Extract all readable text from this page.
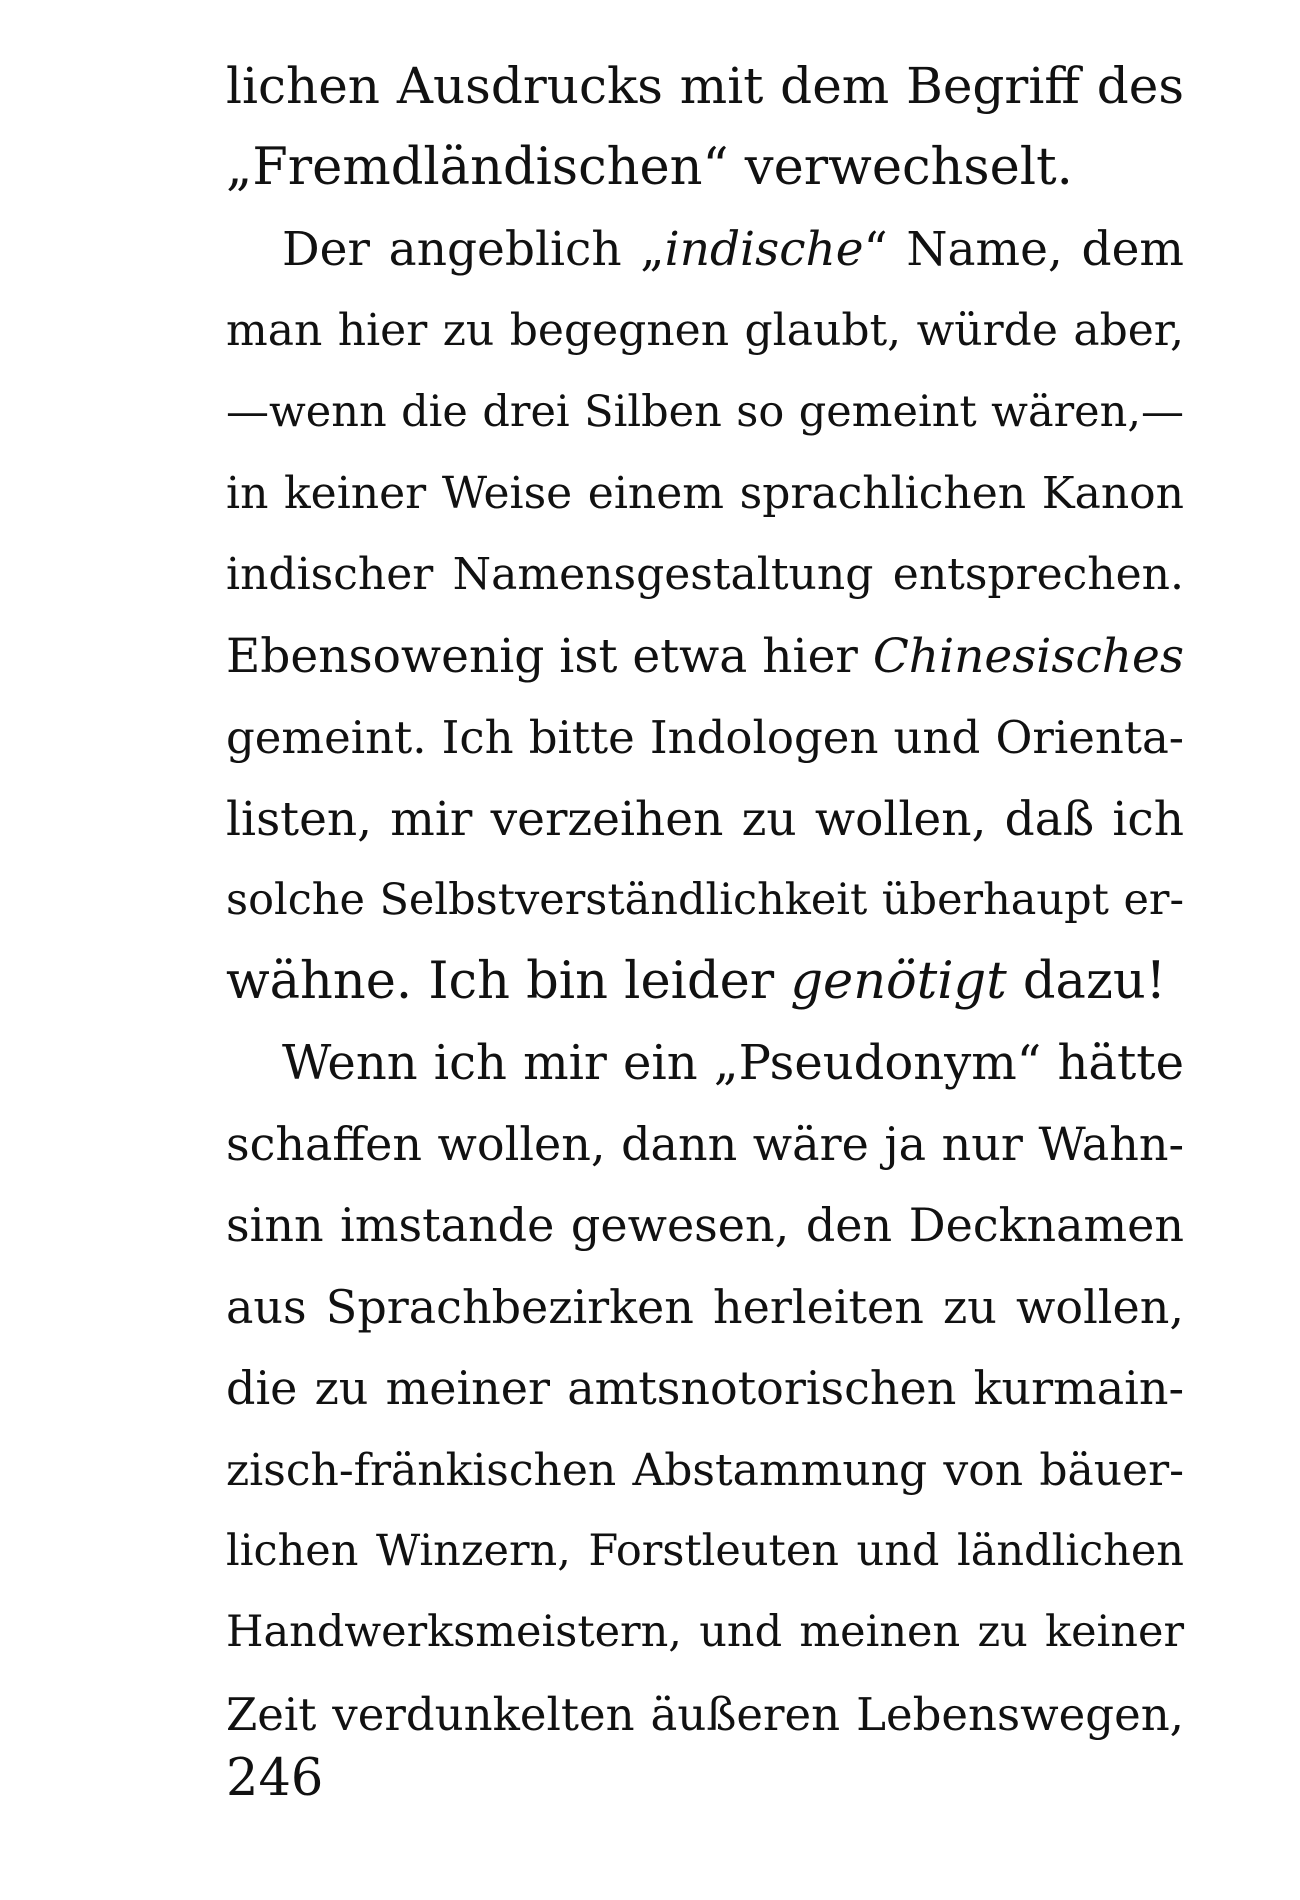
lichen Ausdrucks mit dem Begriff des
„Fremdländischen“ verwechselt.
Der angeblich „indische“ Name, dem
man hier zu begegnen glaubt, würde aber,
—wenn die drei Silben so gemeint wären,—
in keiner Weise einem sprachlichen Kanon
indischer Namensgestaltung entsprechen.
Ebensowenig ist etwa hier Chinesisches
gemeint. Ich bitte Indologen und Orienta-
listen, mir verzeihen zu wollen, daß ich
solche Selbstverständlichkeit überhaupt er-
wähne. Ich bin leider genötigt dazu!
Wenn ich mir ein „Pseudonym“ hätte
schaffen wollen, dann wäre ja nur Wahn-
sinn imstande gewesen, den Decknamen
aus Sprachbezirken herleiten zu wollen,
die zu meiner amtsnotorischen kurmain-
zisch-fränkischen Abstammung von bäuer-
lichen Winzern, Forstleuten und ländlichen
Handwerksmeistern, und meinen zu keiner
Zeit verdunkelten äußeren Lebenswegen,
246
